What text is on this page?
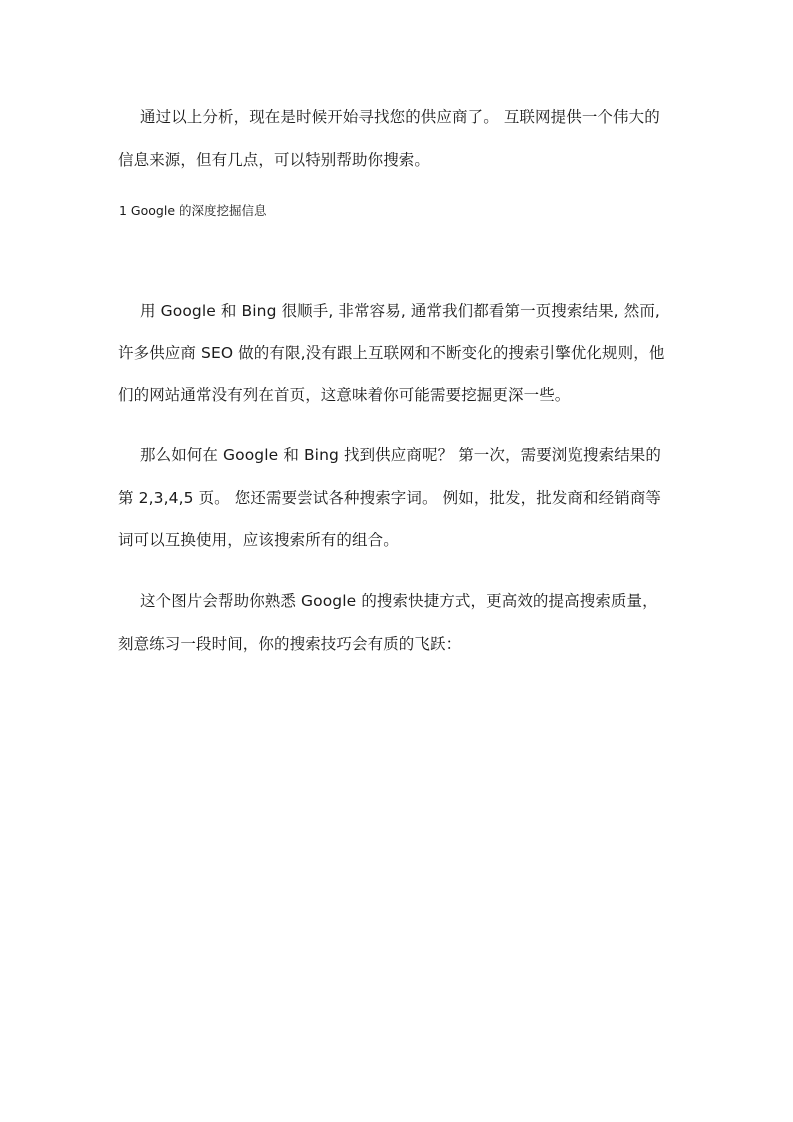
通过以上分析，现在是时候开始寻找您的供应商了。 互联网提供一个伟大的
信息来源，但有几点，可以特别帮助你搜索。
1 Google 的深度挖掘信息
用 Google 和 Bing 很顺手, 非常容易, 通常我们都看第一页搜索结果, 然而,
许多供应商 SEO 做的有限,没有跟上互联网和不断变化的搜索引擎优化规则，他
们的网站通常没有列在首页，这意味着你可能需要挖掘更深一些。
那么如何在 Google 和 Bing 找到供应商呢？ 第一次，需要浏览搜索结果的
第 2,3,4,5 页。 您还需要尝试各种搜索字词。 例如，批发，批发商和经销商等
词可以互换使用，应该搜索所有的组合。
这个图片会帮助你熟悉 Google 的搜索快捷方式，更高效的提高搜索质量，
刻意练习一段时间，你的搜索技巧会有质的飞跃：
